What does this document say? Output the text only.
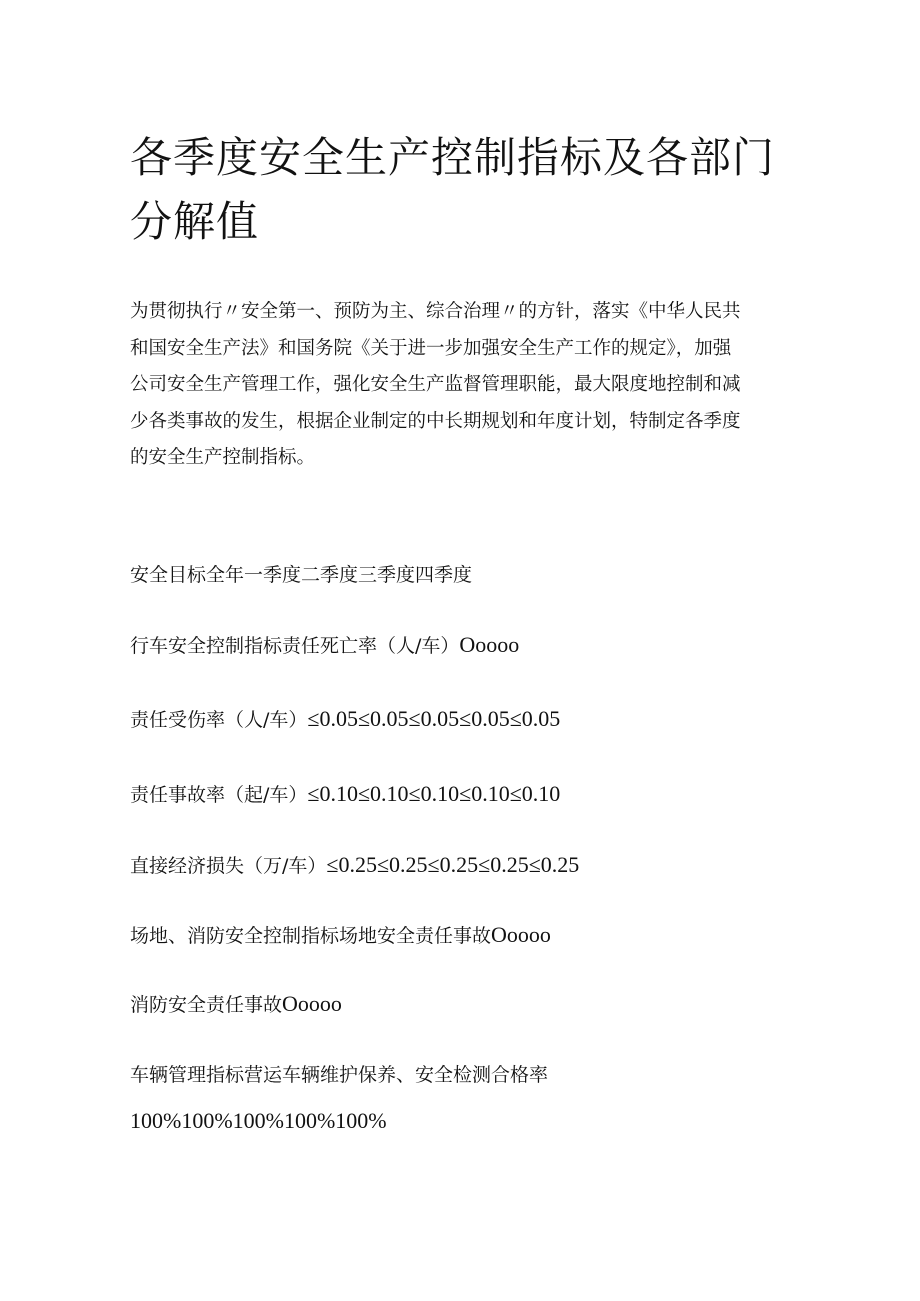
各季度安全生产控制指标及各部门
分解值

为贯彻执行〃安全第一、预防为主、综合治理〃的方针，落实《中华人民共
和国安全生产法》和国务院《关于进一步加强安全生产工作的规定》，加强
公司安全生产管理工作，强化安全生产监督管理职能，最大限度地控制和减
少各类事故的发生，根据企业制定的中长期规划和年度计划，特制定各季度
的安全生产控制指标。

安全目标全年一季度二季度三季度四季度

行车安全控制指标责任死亡率（人/车）Ooooo

责任受伤率（人/车）≤0.05≤0.05≤0.05≤0.05≤0.05

责任事故率（起/车）≤0.10≤0.10≤0.10≤0.10≤0.10

直接经济损失（万/车）≤0.25≤0.25≤0.25≤0.25≤0.25

场地、消防安全控制指标场地安全责任事故Ooooo

消防安全责任事故Ooooo

车辆管理指标营运车辆维护保养、安全检测合格率

100%100%100%100%100%
